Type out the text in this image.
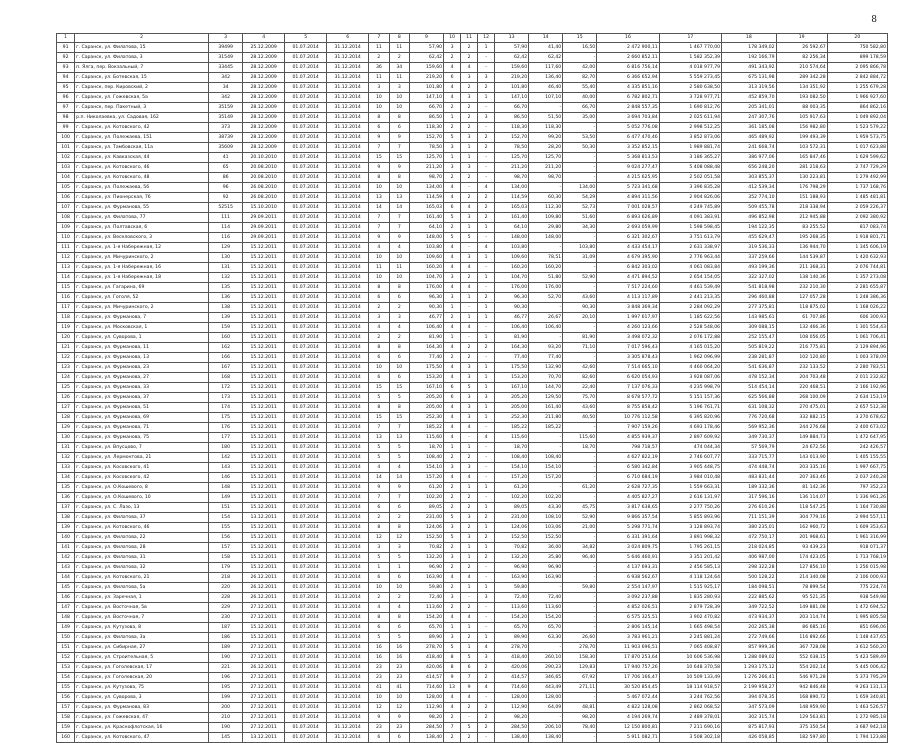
8
1	2	3	4	5	6	7	8	9	10	11	12	13	14	15	16	17	18	19	20
91	г. Саранск, ул. Филатова, 15	39499	25.12.2009	01.07.2014	31.12.2014	11	11	57,90	3	2	1	57,90	41,40	16,50	2 472 900,11	1 467 770,00	178 349,02	26 592,67	750 582,80
92	г. Саранск, ул. Филатова, 3	31549	28.12.2009	01.07.2014	31.12.2014	2	2	62,42	2	2	-	62,42	62,42	-	2 660 852,11	1 582 352,39	192 166,79	82 256,34	899 178,59
93	п. Ялга, пер. Вокзальный, 7	33445	28.12.2009	01.07.2014	31.12.2014	36	34	159,60	4	4	-	159,60	117,60	42,00	6 816 756,14	4 018 977,79	491 343,92	210 574,64	2 095 866,78
94	г. Саранск, ул. Ботевская, 15	342	28.12.2009	01.07.2014	31.12.2014	11	11	219,20	6	3	3	219,20	136,40	82,70	6 366 652,94	5 559 273,45	675 131,98	289 342,28	2 842 884,72
95	г. Саранск, пер. Кировский, 2	34	28.12.2009	01.07.2014	31.12.2014	3	3	101,80	4	2	2	101,80	46,40	55,40	4 335 851,16	2 580 638,50	313 319,56	134 351,92	1 255 679,28
96	г. Саранск, ул. Гожевская, 5а	342	28.12.2009	01.07.2014	31.12.2014	10	10	147,10	4	3	1	147,10	107,10	40,00	6 782 802,71	3 728 977,71	452 859,70	193 082,50	1 966 927,60
97	г. Саранск, пер. Пакетный, 3	35159	28.12.2009	01.07.2014	31.12.2014	10	10	66,70	2	2	-	66,70	-	66,70	2 848 557,35	1 690 812,76	205 341,01	88 003,35	864 862,16
98	р.п. Николаевка, ул. Садовая, 162	35149	28.12.2009	01.07.2014	31.12.2014	8	8	86,50	1	2	3	86,50	51,50	35,00	3 694 703,84	2 025 611,94	247 307,76	105 917,63	1 049 892,04
99	г. Саранск, ул. Котовского, 42	373	28.12.2009	01.07.2014	31.12.2014	6	6	118,30	2	2	-	118,30	118,30	-	5 052 776,08	2 998 512,25	361 185,08	156 982,80	1 523 579,22
100	г. Саранск, ул. Полежаева, 151	38739	28.12.2009	01.07.2014	31.12.2014	9	9	152,70	5	3	2	152,70	99,20	53,50	6 477 470,46	3 852 873,06	465 489,92	199 493,39	1 959 573,75
101	г. Саранск, ул. Тамбовская, 11а	35609	28.12.2009	01.07.2014	31.12.2014	7	7	78,50	3	1	2	78,50	28,20	50,30	3 352 852,15	1 989 881,74	241 668,74	103 572,31	1 017 623,88
102	г. Саранск, ул. Кавказская, 44	41	20.10.2010	01.07.2014	31.12.2014	15	15	125,70	1	1	-	125,70	125,70	-	5 368 813,53	3 186 365,27	386 977,06	165 847,46	1 629 599,62
103	г. Саранск, ул. Котовского, 46	65	20.08.2010	01.07.2014	31.12.2014	9	9	211,20	3	3	-	211,20	211,20	-	9 024 277,47	5 408 088,48	656 248,20	281 218,63	2 747 729,29
104	г. Саранск, ул. Котовского, 48	86	20.08.2010	01.07.2014	31.12.2014	8	8	98,70	2	2	-	98,70	98,70	-	4 215 625,95	2 502 051,58	303 855,37	130 223,81	1 279 492,99
105	г. Саранск, ул. Полежаева, 56	96	26.08.2010	01.07.2014	31.12.2014	10	10	134,00	4	-	4	134,00	-	134,00	5 723 341,68	3 396 835,28	412 539,34	176 798,29	1 737 168,76
106	г. Саранск, ул. Пионерская, 76	92	26.08.2010	01.07.2014	31.12.2014	13	13	114,59	4	2	2	114,59	60,30	54,29	4 894 311,56	2 904 826,06	352 774,10	151 188,93	1 485 481,81
107	г. Саранск, ул. Фурманова, 55	52515	15.10.2010	01.07.2014	31.12.2014	14	14	165,03	6	4	2	165,03	112,30	52,73	7 001 028,57	4 249 745,89	509 455,78	218 338,94	2 059 226,37
108	г. Саранск, ул. Филатова, 77	111	29.09.2011	01.07.2014	31.12.2014	7	7	161,40	5	3	2	161,40	109,80	51,60	6 893 626,89	4 091 383,91	496 852,98	212 945,88	2 092 380,92
109	г. Саранск, ул. Полтавская, 6	114	29.09.2011	01.07.2014	31.12.2014	7	7	64,10	2	1	1	64,10	29,80	34,30	2 693 059,99	1 598 598,45	194 122,35	83 255,52	817 083,74
110	г. Саранск, ул. Веселовского, 3	116	29.09.2011	01.07.2014	31.12.2014	9	9	148,00	5	5	-	148,00	148,00	-	6 321 302,67	3 751 613,79	455 629,47	195 268,35	1 918 801,71
111	г. Саранск, ул. 1-я Набережная, 12	129	15.12.2011	01.07.2014	31.12.2014	4	4	103,80	4	-	4	103,80	-	103,80	4 433 454,17	2 631 338,97	319 536,33	136 944,70	1 345 606,19
112	г. Саранск, ул. Мичуринского, 2	130	15.12.2011	01.07.2014	31.12.2014	10	10	109,60	4	3	1	109,60	78,51	31,09	4 679 395,90	2 776 963,44	337 259,66	144 539,87	1 420 632,93
113	г. Саранск, ул. 1-я Набережная, 16	131	15.12.2011	01.07.2014	31.12.2014	11	11	160,20	4	4	-	160,20	160,20	-	6 842 303,02	4 061 083,84	493 199,36	211 368,31	2 076 744,81
114	г. Саранск, ул. 1-я Набережная, 18	132	15.12.2011	01.07.2014	31.12.2014	10	10	104,70	3	2	1	104,70	51,80	52,90	4 471 894,52	2 654 154,05	322 327,02	138 140,36	1 357 273,08
115	г. Саранск, ул. Гагарина, 69	135	15.12.2011	01.07.2014	31.12.2014	8	8	176,00	4	4	-	176,00	176,00	-	7 517 224,60	4 461 539,49	541 818,98	232 210,30	2 281 655,87
116	г. Саранск, ул. Гоголя, 52	136	15.12.2011	01.07.2014	31.12.2014	6	6	96,30	3	1	2	96,30	52,70	43,60	4 113 117,89	2 441 213,35	296 460,88	127 057,28	1 248 386,36
117	г. Саранск, ул. Мичуринского, 2	138	15.12.2011	01.07.2014	31.12.2014	2	2	90,30	1	-	1	90,30	-	90,30	3 848 369,34	2 284 092,29	277 375,81	118 875,02	1 168 026,22
118	г. Саранск, ул. Фурманова, 7	139	15.12.2011	01.07.2014	31.12.2014	3	3	46,77	2	1	1	46,77	26,67	20,10	1 997 617,97	1 185 622,56	143 985,61	61 707,86	606 300,93
119	г. Саранск, ул. Московская, 1	159	15.12.2011	01.07.2014	31.12.2014	4	4	106,40	4	4	-	106,40	106,40	-	4 260 123,66	2 528 548,06	309 088,15	132 466,36	1 301 554,43
120	г. Саранск, ул. Суворова, 1	160	15.12.2011	01.07.2014	31.12.2014	2	2	81,90	1	-	1	81,90	-	81,90	3 498 072,32	2 076 172,88	252 155,47	108 056,05	1 061 706,41
121	г. Саранск, ул. Фурманова, 11	162	15.12.2011	01.07.2014	31.12.2014	8	8	164,30	4	2	2	164,30	93,20	71,10	7 017 596,43	4 165 015,20	505 819,22	216 775,81	2 129 894,96
122	г. Саранск, ул. Фурманова, 13	166	15.12.2011	01.07.2014	31.12.2014	6	6	77,40	2	2	-	77,40	77,40	-	3 305 878,43	1 962 096,99	238 281,87	102 120,80	1 003 378,09
123	г. Саранск, ул. Фурманова, 23	167	15.12.2011	01.07.2014	31.12.2014	10	10	175,50	4	3	1	175,50	132,90	42,60	7 514 665,10	4 460 064,20	541 636,87	232 133,52	2 280 783,51
124	г. Саранск, ул. Фурманова, 27	168	15.12.2011	01.07.2014	31.12.2014	6	6	153,20	4	3	1	153,20	70,70	82,60	6 620 054,93	3 928 087,06	478 152,34	204 703,48	2 011 232,82
125	г. Саранск, ул. Фурманова, 33	172	15.12.2011	01.07.2014	31.12.2014	15	15	167,10	6	5	1	167,10	144,70	22,40	7 137 076,33	4 235 998,79	514 454,14	220 468,51	2 166 192,96
126	г. Саранск, ул. Фурманова, 37	173	15.12.2011	01.07.2014	31.12.2014	5	5	205,20	6	3	3	205,20	129,50	75,70	8 678 577,72	5 151 157,36	625 566,88	268 100,09	2 634 153,19
127	г. Саранск, ул. Фурманова, 51	174	15.12.2011	01.07.2014	31.12.2014	8	8	205,00	4	3	1	205,00	161,40	43,60	8 755 858,42	5 196 761,71	631 108,32	270 475,01	2 657 512,38
128	г. Саранск, ул. Фурманова, 69	175	15.12.2011	01.07.2014	31.12.2014	15	15	252,30	4	3	1	252,30	211,80	40,50	10 776 112,58	6 395 820,96	776 720,68	332 882,15	3 270 678,62
129	г. Саранск, ул. Фурманова, 71	176	15.12.2011	01.07.2014	31.12.2014	7	7	185,22	4	4	-	185,22	185,22	-	7 907 159,26	4 693 178,46	569 952,36	244 276,68	2 400 673,02
130	г. Саранск, ул. Фурманова, 75	177	15.12.2011	01.07.2014	31.12.2014	13	13	115,60	4	-	4	115,60	-	115,60	4 855 939,37	2 897 609,92	349 730,37	149 884,73	1 472 647,95
131	г. Саранск, ул. Впусцово, 7	180	15.12.2011	01.07.2014	31.12.2014	5	5	18,70	1	1	-	18,70	-	18,70	798 718,57	474 044,34	57 569,79	24 672,56	242 426,57
132	г. Саранск, ул. Лермонтова, 21	142	15.12.2011	01.07.2014	31.12.2014	5	5	108,40	2	2	-	108,40	108,40	-	4 627 822,19	2 746 607,77	333 715,77	143 013,90	1 405 155,55
133	г. Саранск, ул. Косовского, 41	143	15.12.2011	01.07.2014	31.12.2014	4	4	154,10	3	3	-	154,10	154,10	-	6 580 342,84	3 905 448,75	474 448,74	203 335,16	1 997 667,75
134	г. Саранск, ул. Косовского, 42	146	15.12.2011	01.07.2014	31.12.2014	14	14	157,20	4	4	-	157,20	157,20	-	6 710 684,19	3 984 010,48	483 831,44	207 363,46	2 037 240,28
135	г. Саранск, ул. О.Кошевого, 8	148	15.12.2011	01.07.2014	31.12.2014	9	9	61,20	2	1	1	61,20	-	61,20	2 628 727,35	1 559 663,31	189 332,36	81 142,36	797 352,23
136	г. Саранск, ул. О.Кошевого, 10	149	15.12.2011	01.07.2014	31.12.2014	7	7	102,20	2	2	-	102,20	102,20	-	4 405 827,27	2 616 131,97	317 596,16	136 114,07	1 336 961,26
137	г. Саранск, ул. С. Лазо, 13	151	15.12.2011	01.07.2014	31.12.2014	6	6	89,05	2	2	1	89,05	43,30	45,75	3 817 638,65	2 277 750,26	276 610,26	118 547,25	1 164 730,88
138	г. Саранск, ул. Филатова, 37	154	13.12.2011	01.07.2014	31.12.2014	2	2	231,00	5	3	2	231,00	108,10	52,90	9 866 357,54	5 855 893,96	711 151,39	304 779,16	2 994 557,11
139	г. Саранск, ул. Котовского, 46	155	15.12.2011	01.07.2014	31.12.2014	8	8	124,06	3	2	1	124,06	103,06	21,00	5 298 771,74	3 128 893,74	380 235,01	162 960,72	1 609 353,63
140	г. Саранск, ул. Филатова, 22	156	15.12.2011	01.07.2014	31.12.2014	12	12	152,50	5	3	2	152,50	152,50	-	6 331 391,64	3 891 998,32	472 750,17	201 968,61	1 961 316,99
141	г. Саранск, ул. Филатова, 28	157	15.12.2011	01.07.2014	31.12.2014	3	3	70,82	2	1	1	70,82	36,00	34,82	3 024 809,75	1 795 261,15	218 024,85	93 439,23	918 071,37
142	г. Саранск, ул. Филатова, 31	158	15.12.2011	01.07.2014	31.12.2014	5	5	132,20	3	1	2	132,20	35,80	96,40	5 646 460,91	3 351 201,42	406 987,00	174 423,05	1 713 768,19
143	г. Саранск, ул. Филатова, 32	179	15.12.2011	01.07.2014	31.12.2014	1	1	96,90	2	2	-	96,90	96,90	-	4 137 693,31	2 456 585,13	298 322,28	127 856,10	1 256 015,98
144	г. Саранск, ул. Котовского, 21	218	26.12.2011	01.07.2014	31.12.2014	6	6	163,90	4	4	-	163,90	163,90	-	6 938 562,67	4 118 124,64	500 128,22	214 340,08	2 106 000,93
145	г. Саранск, ул. Филатова, 5а	220	26.12.2011	01.07.2014	31.12.2014	10	10	59,80	2	1	1	59,80	-	59,80	2 554 147,97	1 515 925,17	184 098,51	78 899,54	775 224,74
146	г. Саранск, ул. Заречная, 1	228	26.12.2011	01.07.2014	31.12.2014	2	2	72,40	3	-	3	72,40	72,40	-	3 092 237,88	1 835 280,93	222 885,62	95 521,35	938 549,98
147	г. Саранск, ул. Восточная, 5в	229	27.12.2011	01.07.2014	31.12.2014	4	4	113,60	2	2	-	113,60	113,60	-	4 852 026,51	2 879 728,39	349 722,52	149 881,08	1 472 694,52
148	г. Саранск, ул. Восточная, 7	230	27.12.2011	01.07.2014	31.12.2014	8	8	154,20	4	4	-	154,20	154,20	-	6 575 325,51	3 902 470,82	473 934,37	203 114,74	1 995 805,58
149	г. Саранск, ул. Кутузова, 8	187	15.12.2011	01.07.2014	31.12.2014	6	6	65,70	1	1	-	65,70	65,70	-	2 806 145,14	1 665 498,54	202 265,38	86 685,16	851 696,06
150	г. Саранск, ул. Филатова, 3а	186	15.12.2011	01.07.2014	31.12.2014	5	5	89,90	3	2	1	89,90	63,30	26,60	3 783 961,21	2 245 881,24	272 749,66	116 892,66	1 148 437,65
151	г. Саранск, ул. Сибирная, 27	189	27.12.2011	01.07.2014	31.12.2014	16	16	278,70	5	1	4	278,70	-	278,70	11 903 696,51	7 065 408,87	857 999,36	367 728,08	3 612 560,20
152	г. Саранск, ул. Строительная, 5	190	27.12.2011	01.07.2014	31.12.2014	16	16	418,40	8	5	3	418,40	260,10	158,30	17 870 253,64	10 606 536,98	1 288 089,02	552 038,15	5 423 589,49
153	г. Саранск, ул. Гоголевская, 17	221	26.12.2011	01.07.2014	31.12.2014	23	23	420,06	8	6	2	420,06	290,23	129,83	17 940 757,26	10 648 370,58	1 293 175,12	554 202,14	5 445 006,42
154	г. Саранск, ул. Гоголевская, 20	196	27.12.2011	01.07.2014	31.12.2014	23	23	414,57	9	7	2	414,57	346,65	67,92	17 706 166,47	10 509 133,49	1 276 266,41	546 971,28	5 373 795,29
155	г. Саранск, ул. Кутузова, 75	195	27.12.2011	01.07.2014	31.12.2014	41	41	714,60	13	9	4	714,60	443,49	271,11	30 520 854,45	18 114 918,57	2 199 958,27	942 846,48	9 263 131,13
156	г. Саранск, ул. Суворова, 3	199	27.12.2011	01.07.2014	31.12.2014	10	10	128,00	4	4	-	128,00	128,00	-	5 467 072,44	3 244 762,56	394 078,35	168 890,72	1 659 340,81
157	г. Саранск, ул. Фурманова, 83	200	27.12.2011	01.07.2014	31.12.2014	12	12	112,90	4	2	2	112,90	64,09	48,81	4 822 128,08	2 862 068,52	347 573,09	148 959,90	1 463 526,57
158	г. Саранск, ул. Гожевская, 47	210	27.12.2011	01.07.2014	31.12.2014	9	9	98,20	2	-	2	98,20	-	98,20	4 194 269,74	2 489 378,01	302 315,74	129 563,81	1 272 985,18
159	г. Саранск, ул. Краснофлотская, 16	190	27.12.2011	01.07.2014	31.12.2014	23	23	284,50	7	5	2	284,50	206,10	78,40	12 150 800,81	7 211 690,16	875 817,93	375 350,54	3 687 942,18
160	г. Саранск, ул. Котовского, 47	145	13.12.2011	01.07.2014	31.12.2014	6	6	138,40	2	2	-	138,40	138,40	-	5 911 082,71	3 508 302,18	426 058,85	182 597,80	1 794 123,88
